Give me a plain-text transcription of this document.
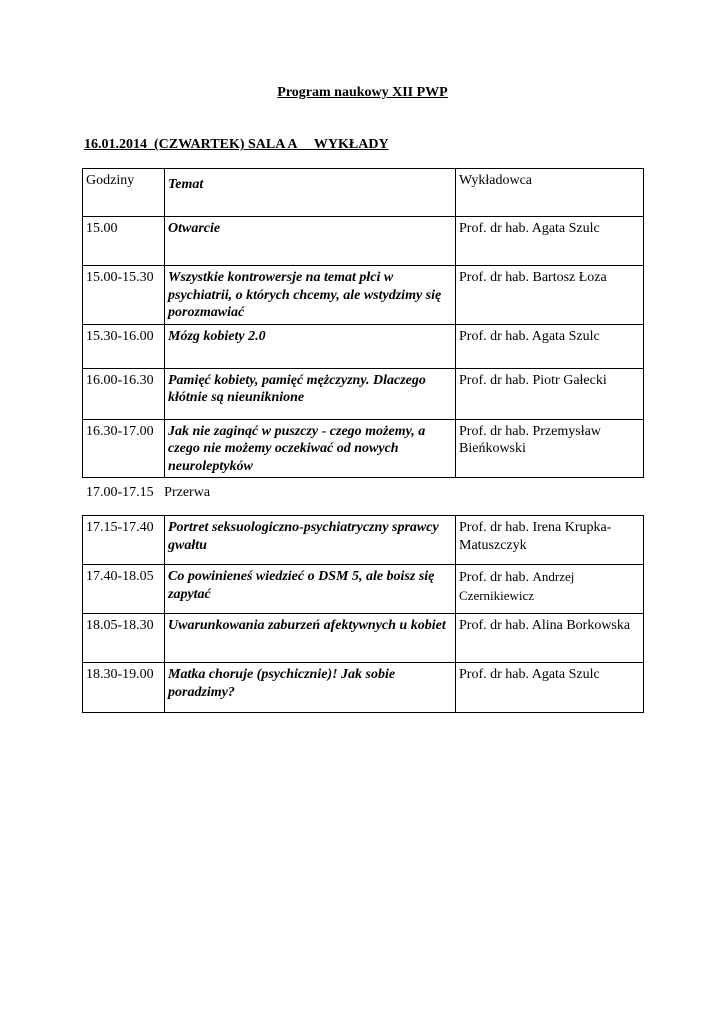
Program naukowy XII PWP
16.01.2014  (CZWARTEK) SALA A     WYKŁADY
Godziny	Temat	Wykładowca
15.00	Otwarcie	Prof. dr hab. Agata Szulc
15.00-15.30	Wszystkie kontrowersje na temat płci w psychiatrii, o których chcemy, ale wstydzimy się porozmawiać	Prof. dr hab. Bartosz Łoza
15.30-16.00	Mózg kobiety 2.0	Prof. dr hab. Agata Szulc
16.00-16.30	Pamięć kobiety, pamięć mężczyzny. Dlaczego kłótnie są nieuniknione	Prof. dr hab. Piotr Gałecki
16.30-17.00	Jak nie zaginąć w puszczy - czego możemy, a czego nie możemy oczekiwać od nowych neuroleptyków	Prof. dr hab. Przemysław Bieńkowski
17.00-17.15 Przerwa
17.15-17.40	Portret seksuologiczno-psychiatryczny sprawcy gwałtu	Prof. dr hab. Irena Krupka-Matuszczyk
17.40-18.05	Co powinieneś wiedzieć o DSM 5, ale boisz się zapytać	Prof. dr hab. Andrzej Czernikiewicz
18.05-18.30	Uwarunkowania zaburzeń afektywnych u kobiet	Prof. dr hab. Alina Borkowska
18.30-19.00	Matka choruje (psychicznie)! Jak sobie poradzimy?	Prof. dr hab. Agata Szulc
